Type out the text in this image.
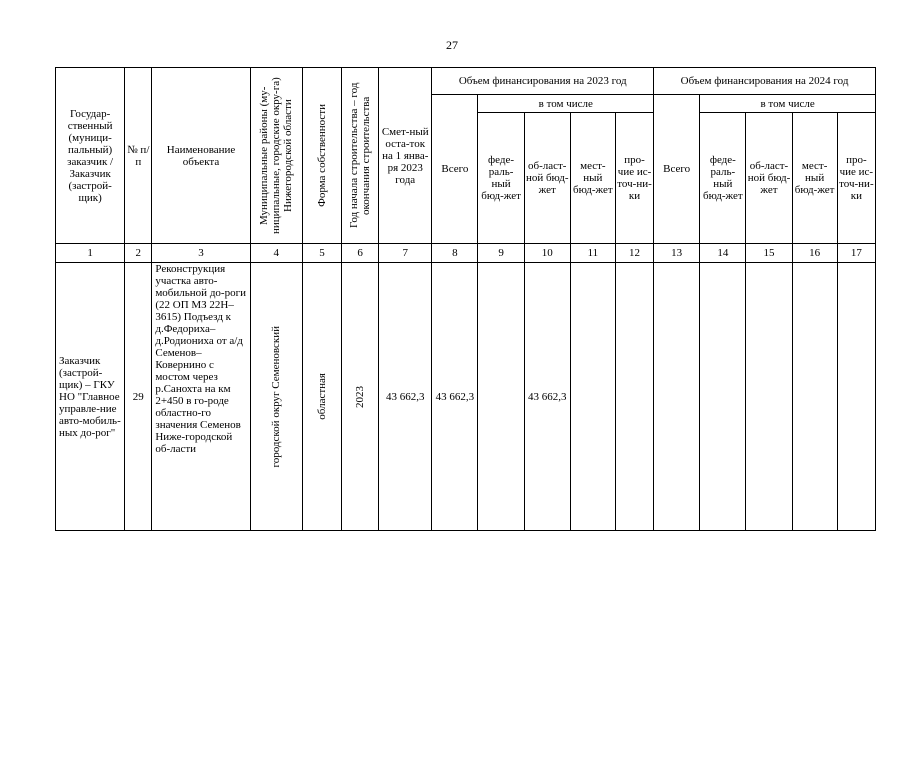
27
Государ-ственный (муници-пальный) заказчик / Заказчик (застрой-щик)	№ п/п	Наименование объекта	Муниципальные районы (му-ниципальные, городские окру-га) Нижегородской области	Форма собственности	Год начала строительства – год окончания строительства	Смет-ный оста-ток на 1 янва-ря 2023 года	Объем финансирования на 2023 год					Объем финансирования на 2024 год				
							Всего	в том числе				Всего	в том числе			
								феде-раль-ный бюд-жет	об-ласт-ной бюд-жет	мест-ный бюд-жет	про-чие ис-точ-ни-ки		феде-раль-ный бюд-жет	об-ласт-ной бюд-жет	мест-ный бюд-жет	про-чие ис-точ-ни-ки
1	2	3	4	5	6	7	8	9	10	11	12	13	14	15	16	17
Заказчик (застрой-щик) – ГКУ НО "Главное управле-ние авто-мобиль-ных до-рог"	29	Реконструкция участка авто-мобильной до-роги (22 ОП МЗ 22Н–3615) Подъезд к д.Федориха–д.Родиониха от а/д Семенов–Ковернино с мостом через р.Санохта на км 2+450 в го-роде областно-го значения Семенов Ниже-городской об-ласти	городской округ Семеновский	областная	2023	43 662,3	43 662,3		43 662,3							
